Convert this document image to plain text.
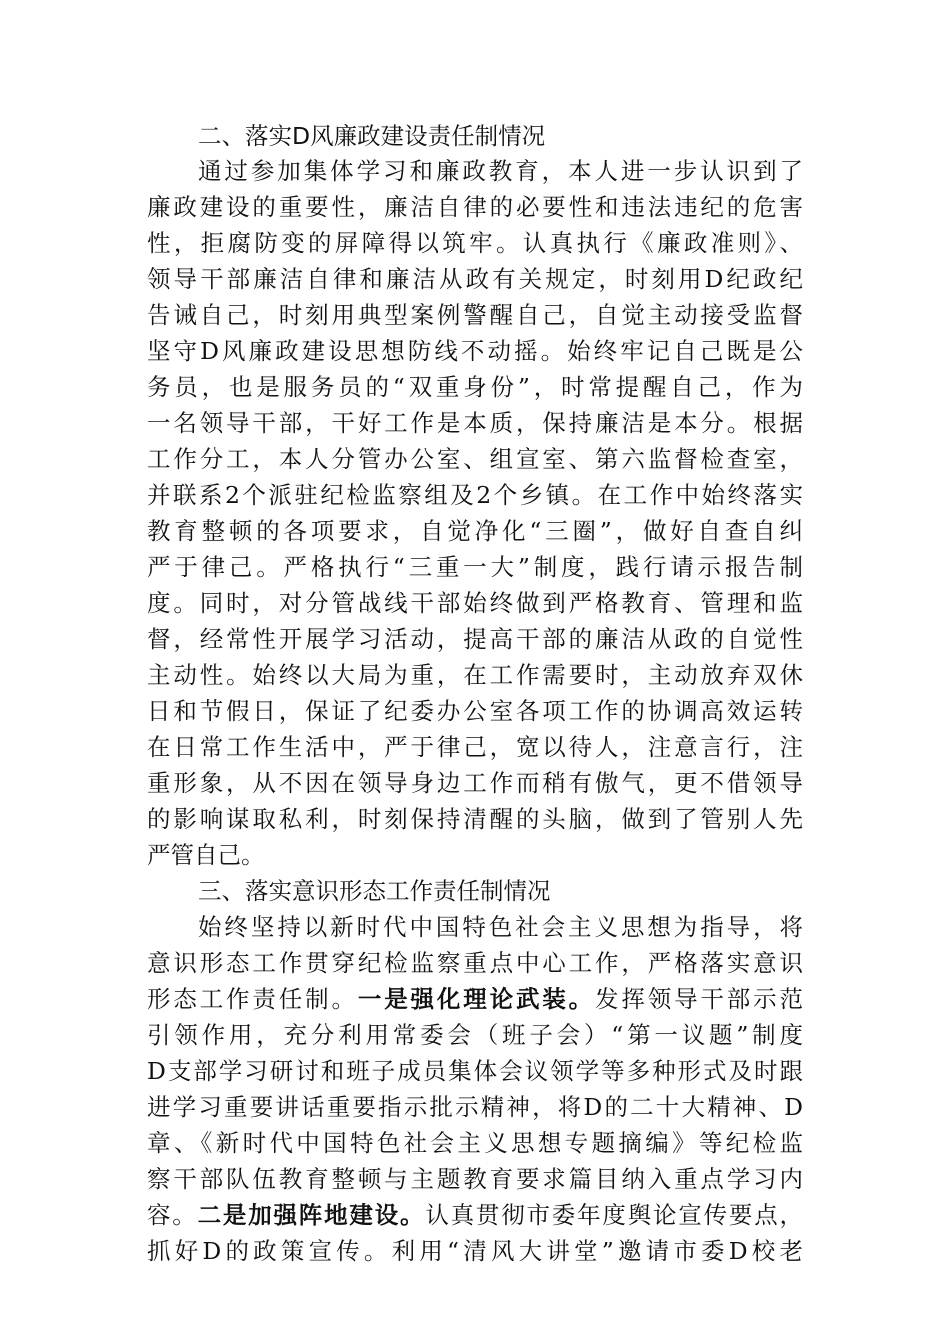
二、落实D风廉政建设责任制情况
通过参加集体学习和廉政教育，本人进一步认识到了
廉政建设的重要性，廉洁自律的必要性和违法违纪的危害
性，拒腐防变的屏障得以筑牢。认真执行《廉政准则》、
领导干部廉洁自律和廉洁从政有关规定，时刻用D纪政纪
告诫自己，时刻用典型案例警醒自己，自觉主动接受监督
坚守D风廉政建设思想防线不动摇。始终牢记自己既是公
务员，也是服务员的“双重身份”，时常提醒自己，作为
一名领导干部，干好工作是本质，保持廉洁是本分。根据
工作分工，本人分管办公室、组宣室、第六监督检查室，
并联系2个派驻纪检监察组及2个乡镇。在工作中始终落实
教育整顿的各项要求，自觉净化“三圈”，做好自查自纠
严于律己。严格执行“三重一大”制度，践行请示报告制
度。同时，对分管战线干部始终做到严格教育、管理和监
督，经常性开展学习活动，提高干部的廉洁从政的自觉性
主动性。始终以大局为重，在工作需要时，主动放弃双休
日和节假日，保证了纪委办公室各项工作的协调高效运转
在日常工作生活中，严于律己，宽以待人，注意言行，注
重形象，从不因在领导身边工作而稍有傲气，更不借领导
的影响谋取私利，时刻保持清醒的头脑，做到了管别人先
严管自己。
三、落实意识形态工作责任制情况
始终坚持以新时代中国特色社会主义思想为指导，将
意识形态工作贯穿纪检监察重点中心工作，严格落实意识
形态工作责任制。一是强化理论武装。发挥领导干部示范
引领作用，充分利用常委会（班子会）“第一议题”制度
D支部学习研讨和班子成员集体会议领学等多种形式及时跟
进学习重要讲话重要指示批示精神，将D的二十大精神、D
章、《新时代中国特色社会主义思想专题摘编》等纪检监
察干部队伍教育整顿与主题教育要求篇目纳入重点学习内
容。二是加强阵地建设。认真贯彻市委年度舆论宣传要点，
抓好D的政策宣传。利用“清风大讲堂”邀请市委D校老
